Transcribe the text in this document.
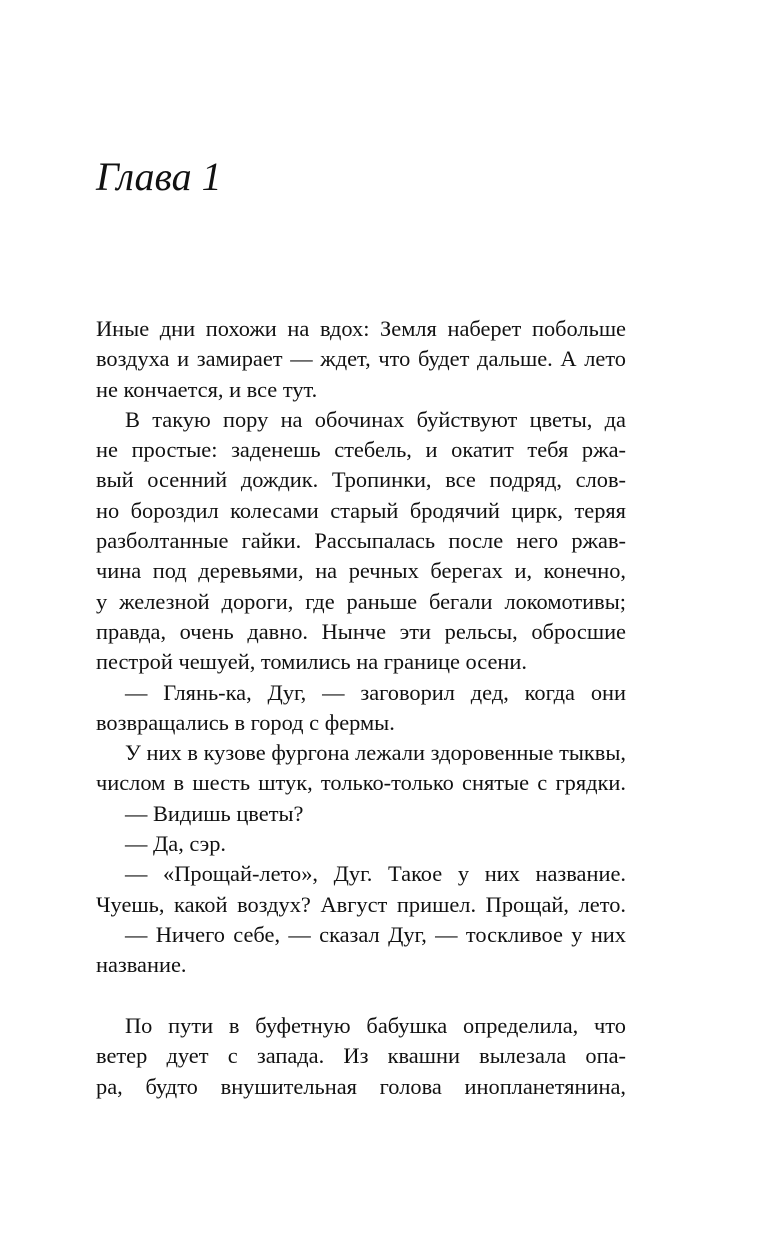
Глава 1
Иные дни похожи на вдох: Земля наберет побольше
воздуха и замирает — ждет, что будет дальше. А лето
не кончается, и все тут.
В такую пору на обочинах буйствуют цветы, да
не простые: заденешь стебель, и окатит тебя ржа-
вый осенний дождик. Тропинки, все подряд, слов-
но бороздил колесами старый бродячий цирк, теряя
разболтанные гайки. Рассыпалась после него ржав-
чина под деревьями, на речных берегах и, конечно,
у железной дороги, где раньше бегали локомотивы;
правда, очень давно. Нынче эти рельсы, обросшие
пестрой чешуей, томились на границе осени.
— Глянь-ка, Дуг, — заговорил дед, когда они
возвращались в город с фермы.
У них в кузове фургона лежали здоровенные тыквы,
числом в шесть штук, только-только снятые с грядки.
— Видишь цветы?
— Да, сэр.
— «Прощай-лето», Дуг. Такое у них название.
Чуешь, какой воздух? Август пришел. Прощай, лето.
— Ничего себе, — сказал Дуг, — тоскливое у них
название.
По пути в буфетную бабушка определила, что
ветер дует с запада. Из квашни вылезала опа-
ра, будто внушительная голова инопланетянина,
